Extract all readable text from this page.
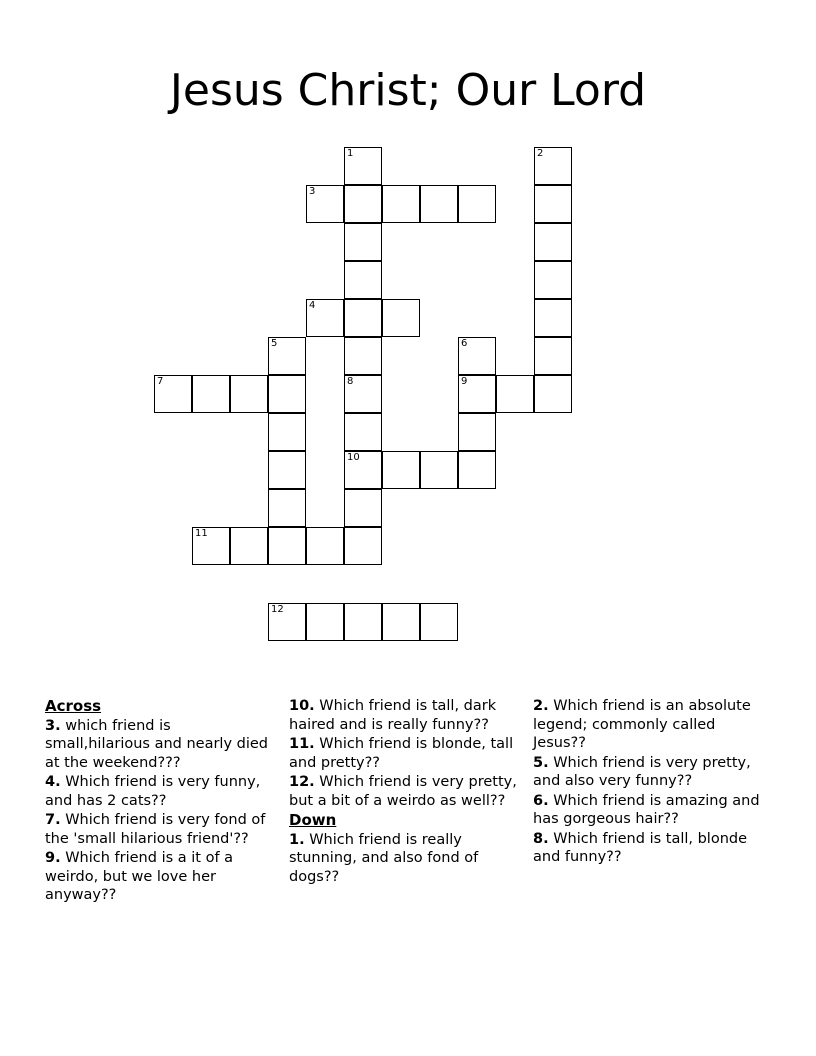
Jesus Christ; Our Lord
1	2
3
4
5	6
7	8	9
10
11
12
Across
3. which friend is small,hilarious and nearly died at the weekend???
4. Which friend is very funny, and has 2 cats??
7. Which friend is very fond of the 'small hilarious friend'??
9. Which friend is a it of a weirdo, but we love her anyway??
10. Which friend is tall, dark haired and is really funny??
11. Which friend is blonde, tall and pretty??
12. Which friend is very pretty, but a bit of a weirdo as well??
Down
1. Which friend is really stunning, and also fond of dogs??
2. Which friend is an absolute legend; commonly called Jesus??
5. Which friend is very pretty, and also very funny??
6. Which friend is amazing and has gorgeous hair??
8. Which friend is tall, blonde and funny??
